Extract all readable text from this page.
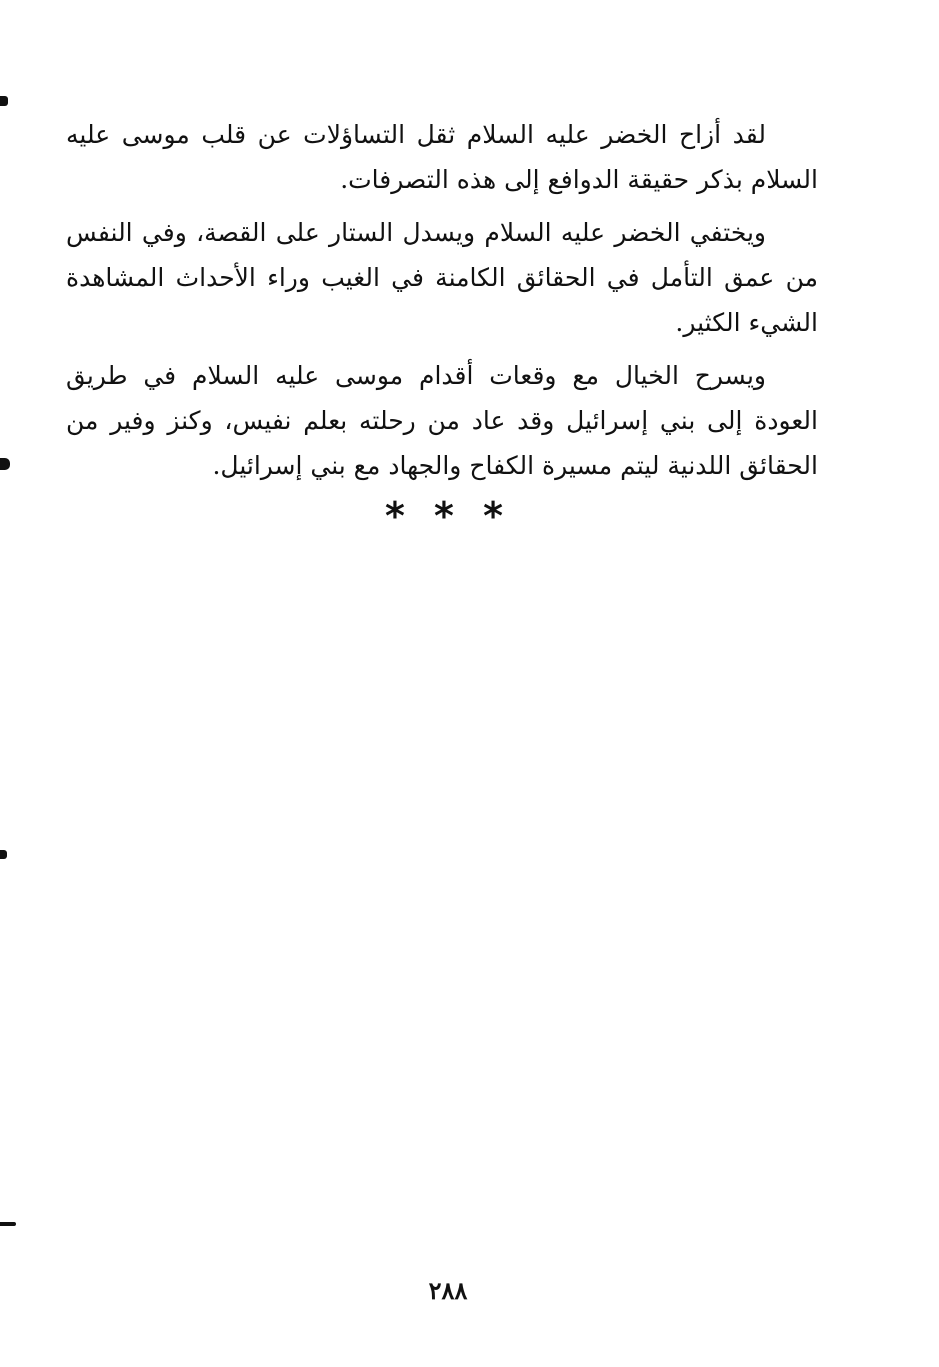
لقد أزاح الخضر عليه السلام ثقل التساؤلات عن قلب موسى عليه السلام بذكر حقيقة الدوافع إلى هذه التصرفات.

ويختفي الخضر عليه السلام ويسدل الستار على القصة، وفي النفس من عمق التأمل في الحقائق الكامنة في الغيب وراء الأحداث المشاهدة الشيء الكثير.

ويسرح الخيال مع وقعات أقدام موسى عليه السلام في طريق العودة إلى بني إسرائيل وقد عاد من رحلته بعلم نفيس، وكنز وفير من الحقائق اللدنية ليتم مسيرة الكفاح والجهاد مع بني إسرائيل.

* * *
٢٨٨
